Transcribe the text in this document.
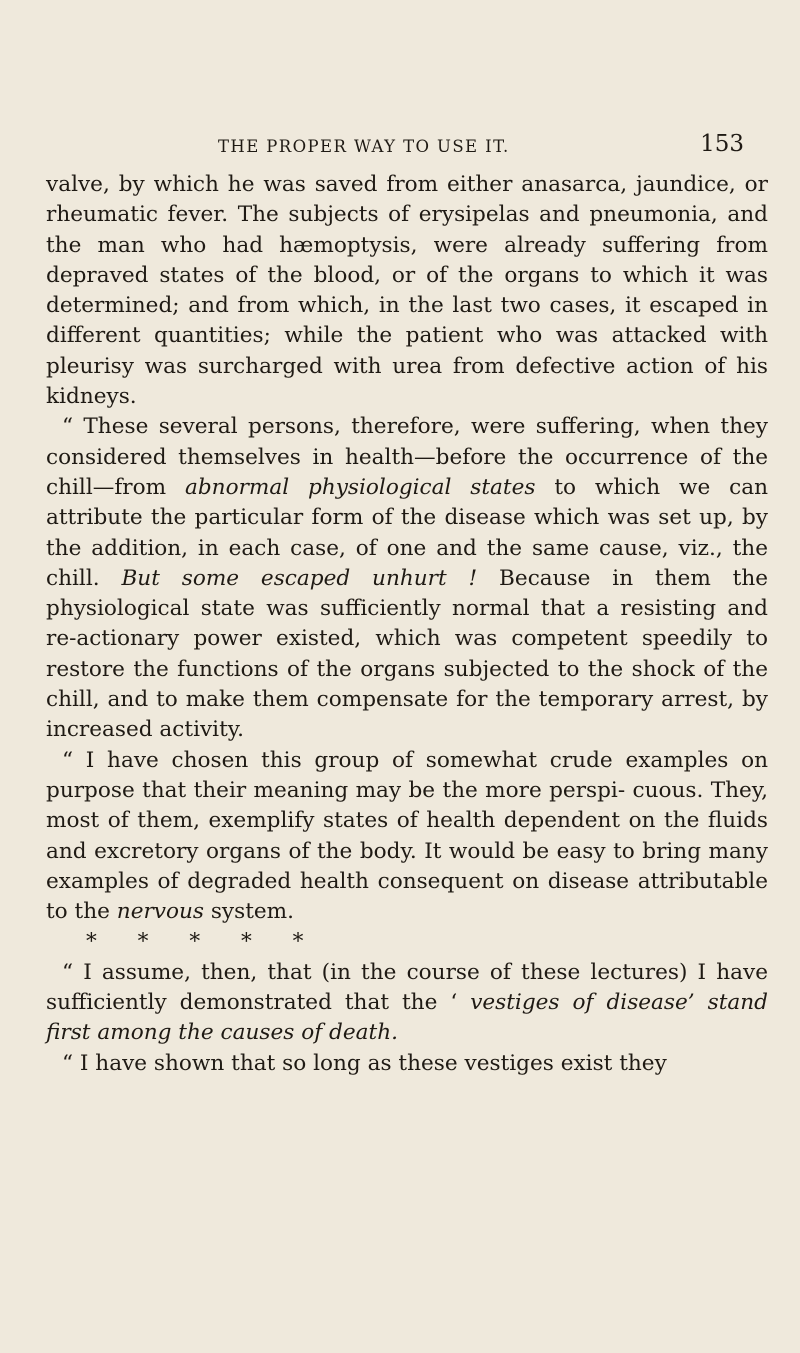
THE PROPER WAY TO USE IT.	153

valve, by which he was saved from either anasarca, jaundice, or rheumatic fever. The subjects of erysipelas and pneumonia, and the man who had hæmoptysis, were already suffering from depraved states of the blood, or of the organs to which it was determined; and from which, in the last two cases, it escaped in different quantities; while the patient who was attacked with pleurisy was surcharged with urea from defective action of his kidneys.

“ These several persons, therefore, were suffering, when they considered themselves in health—before the occurrence of the chill—from abnormal physiological states to which we can attribute the particular form of the disease which was set up, by the addition, in each case, of one and the same cause, viz., the chill. But some escaped unhurt ! Because in them the physiological state was sufficiently normal that a resisting and re-actionary power existed, which was competent speedily to restore the functions of the organs subjected to the shock of the chill, and to make them compensate for the temporary arrest, by increased activity.

“ I have chosen this group of somewhat crude examples on purpose that their meaning may be the more perspi- cuous. They, most of them, exemplify states of health dependent on the fluids and excretory organs of the body. It would be easy to bring many examples of degraded health consequent on disease attributable to the nervous system.

* * * * *

“ I assume, then, that (in the course of these lectures) I have sufficiently demonstrated that the ‘ vestiges of disease’ stand first among the causes of death.

“ I have shown that so long as these vestiges exist they
